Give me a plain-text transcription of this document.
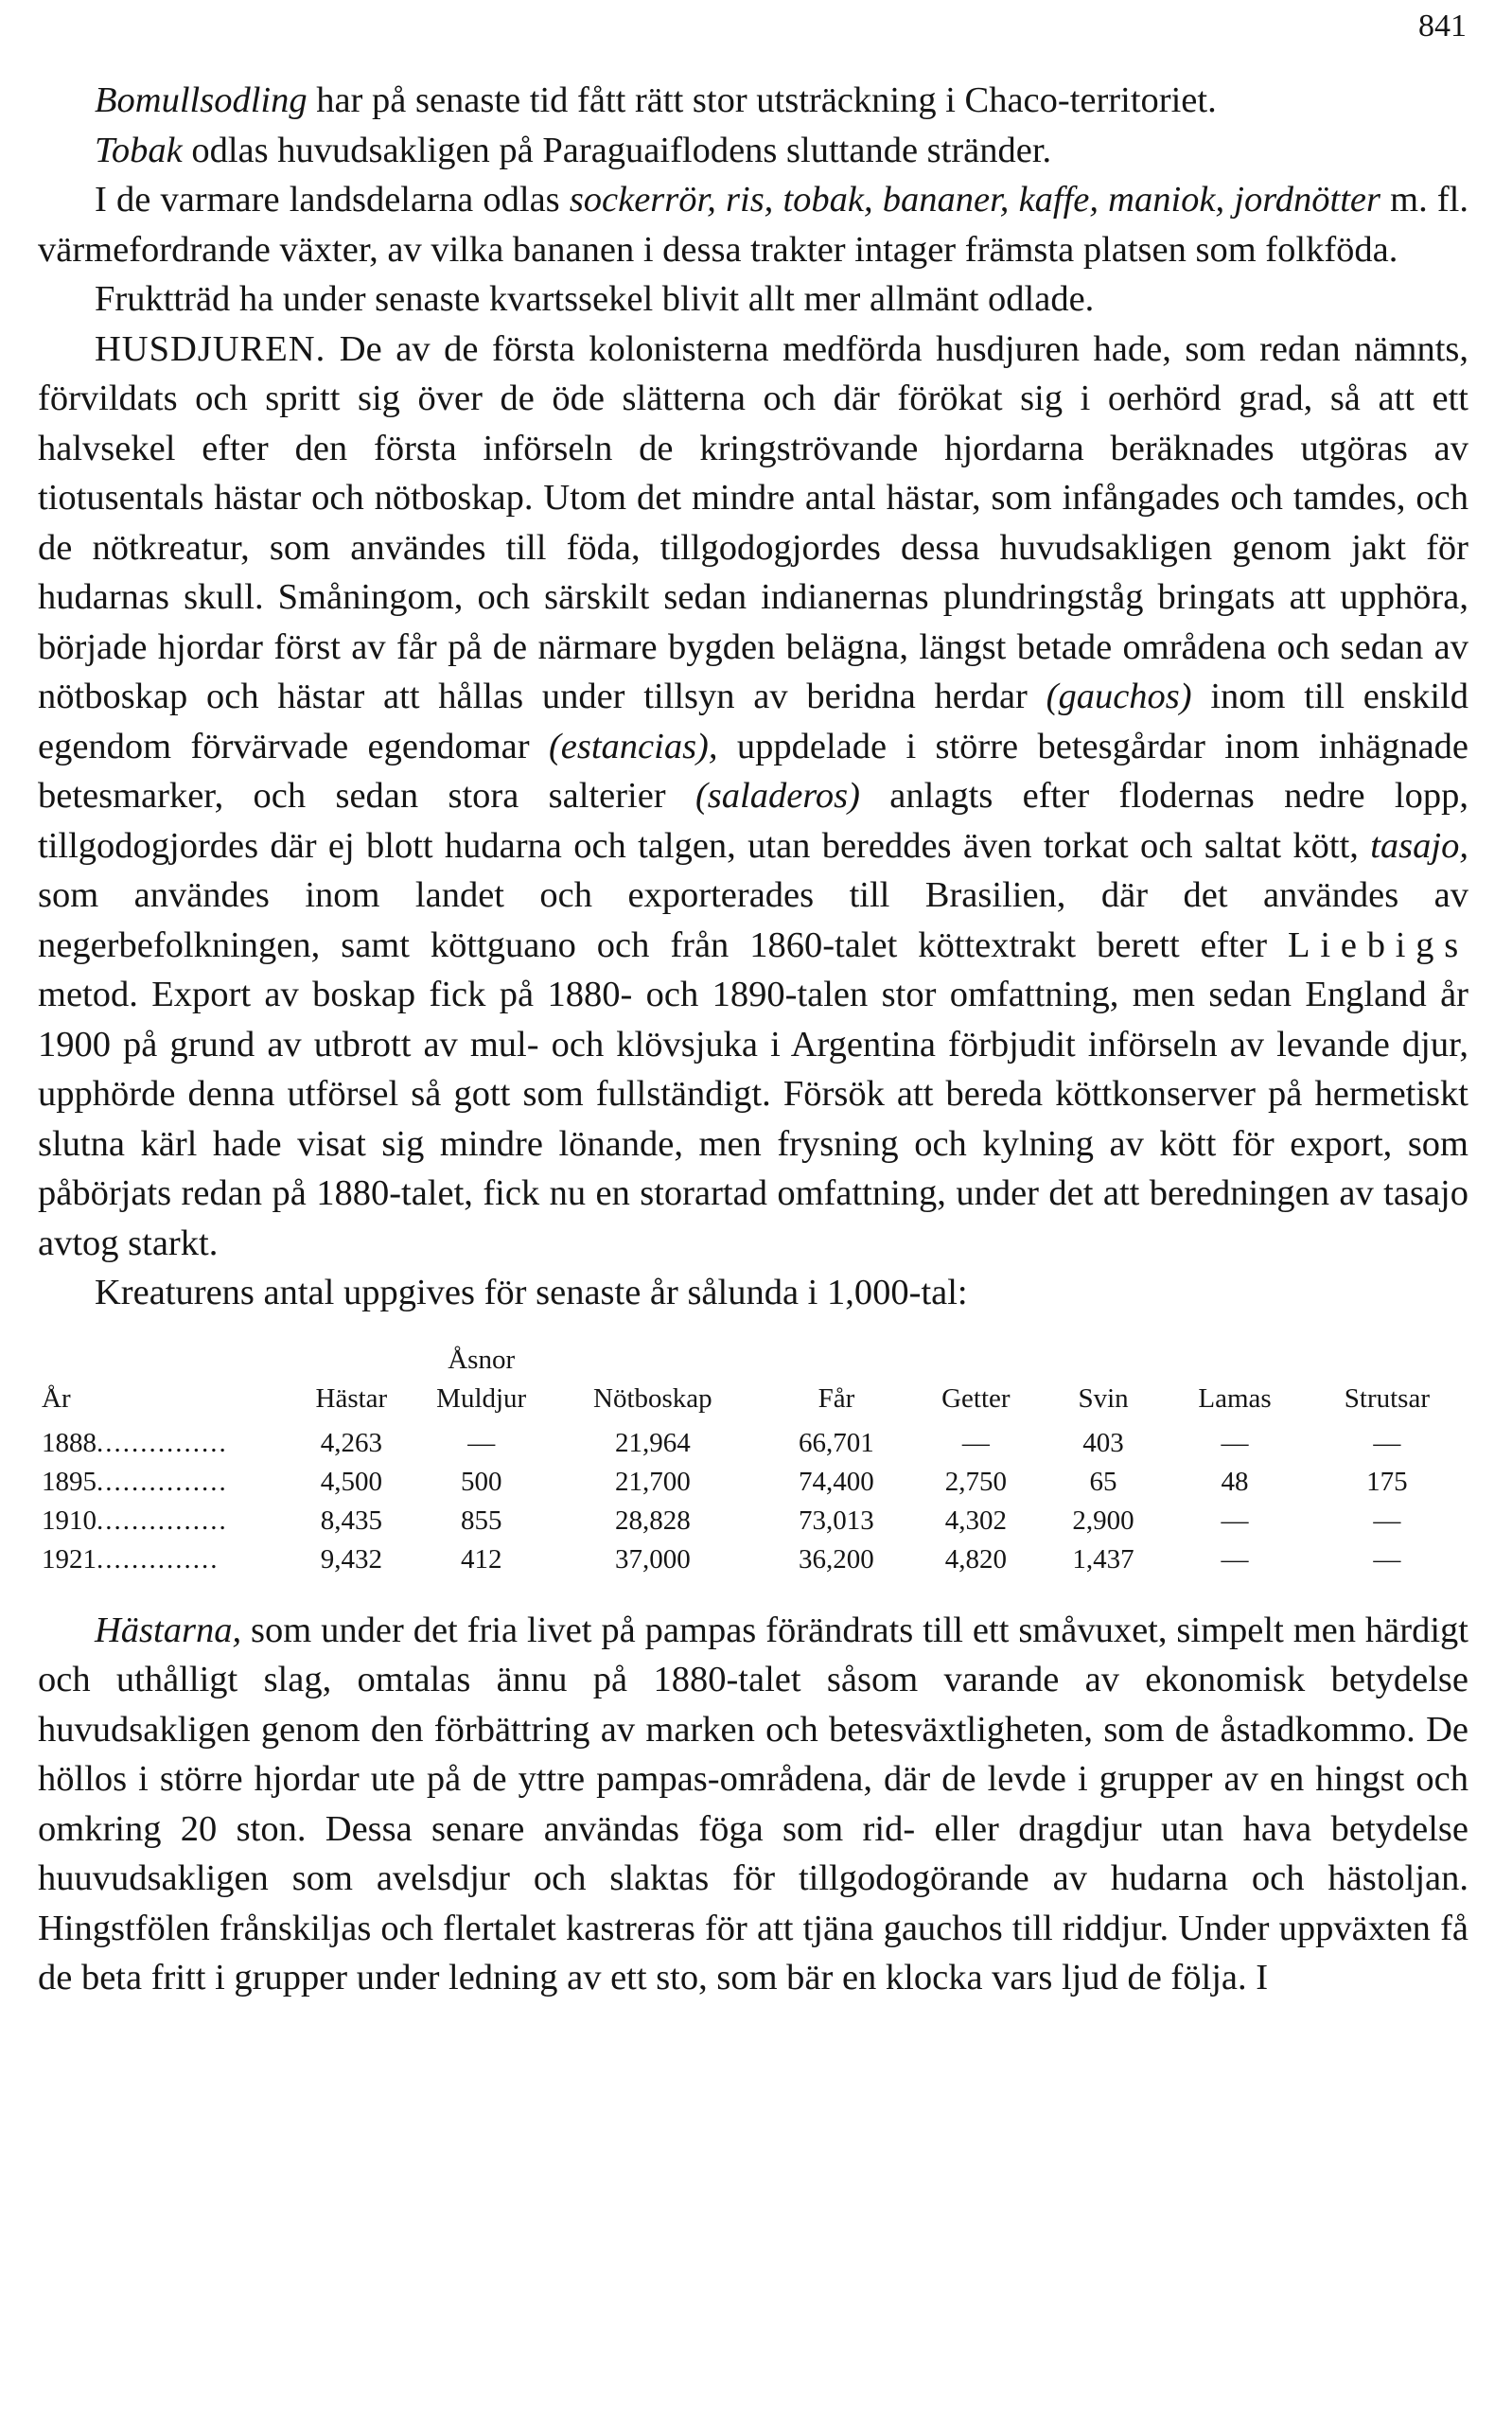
841

Bomullsodling har på senaste tid fått rätt stor utsträckning i Chaco-territoriet.

Tobak odlas huvudsakligen på Paraguaiflodens sluttande stränder.

I de varmare landsdelarna odlas sockerrör, ris, tobak, bananer, kaffe, maniok, jordnötter m. fl. värmefordrande växter, av vilka bananen i dessa trakter intager främsta platsen som folkföda.

Fruktträd ha under senaste kvartssekel blivit allt mer allmänt odlade.

HUSDJUREN. De av de första kolonisterna medförda husdjuren hade, som redan nämnts, förvildats och spritt sig över de öde slätterna och där förökat sig i oerhörd grad, så att ett halvsekel efter den första införseln de kringströvande hjordarna beräknades utgöras av tiotusentals hästar och nötboskap. Utom det mindre antal hästar, som infångades och tamdes, och de nötkreatur, som användes till föda, tillgodogjordes dessa huvudsakligen genom jakt för hudarnas skull. Småningom, och särskilt sedan indianernas plundringståg bringats att upphöra, började hjordar först av får på de närmare bygden belägna, längst betade områdena och sedan av nötboskap och hästar att hållas under tillsyn av beridna herdar (gauchos) inom till enskild egendom förvärvade egendomar (estancias), uppdelade i större betesgårdar inom inhägnade betesmarker, och sedan stora salterier (saladeros) anlagts efter flodernas nedre lopp, tillgodogjordes där ej blott hudarna och talgen, utan bereddes även torkat och saltat kött, tasajo, som användes inom landet och exporterades till Brasilien, där det användes av negerbefolkningen, samt köttguano och från 1860-talet köttextrakt berett efter Liebigs metod. Export av boskap fick på 1880- och 1890-talen stor omfattning, men sedan England år 1900 på grund av utbrott av mul- och klövsjuka i Argentina förbjudit införseln av levande djur, upphörde denna utförsel så gott som fullständigt. Försök att bereda köttkonserver på hermetiskt slutna kärl hade visat sig mindre lönande, men frysning och kylning av kött för export, som påbörjats redan på 1880-talet, fick nu en storartad omfattning, under det att beredningen av tasajo avtog starkt.

Kreaturens antal uppgives för senaste år sålunda i 1,000-tal:

År	Hästar	Åsnor Muldjur	Nötboskap	Får	Getter	Svin	Lamas	Strutsar
1888...............	4,263	—	21,964	66,701	—	403	—	—
1895...............	4,500	500	21,700	74,400	2,750	65	48	175
1910...............	8,435	855	28,828	73,013	4,302	2,900	—	—
1921..............	9,432	412	37,000	36,200	4,820	1,437	—	—

Hästarna, som under det fria livet på pampas förändrats till ett småvuxet, simpelt men härdigt och uthålligt slag, omtalas ännu på 1880-talet såsom varande av ekonomisk betydelse huvudsakligen genom den förbättring av marken och betesväxtligheten, som de åstadkommo. De höllos i större hjordar ute på de yttre pampas-områdena, där de levde i grupper av en hingst och omkring 20 ston. Dessa senare användas föga som rid- eller dragdjur utan hava betydelse huuvudsakligen som avelsdjur och slaktas för tillgodogörande av hudarna och hästoljan. Hingstfölen frånskiljas och flertalet kastreras för att tjäna gauchos till riddjur. Under uppväxten få de beta fritt i grupper under ledning av ett sto, som bär en klocka vars ljud de följa. I
